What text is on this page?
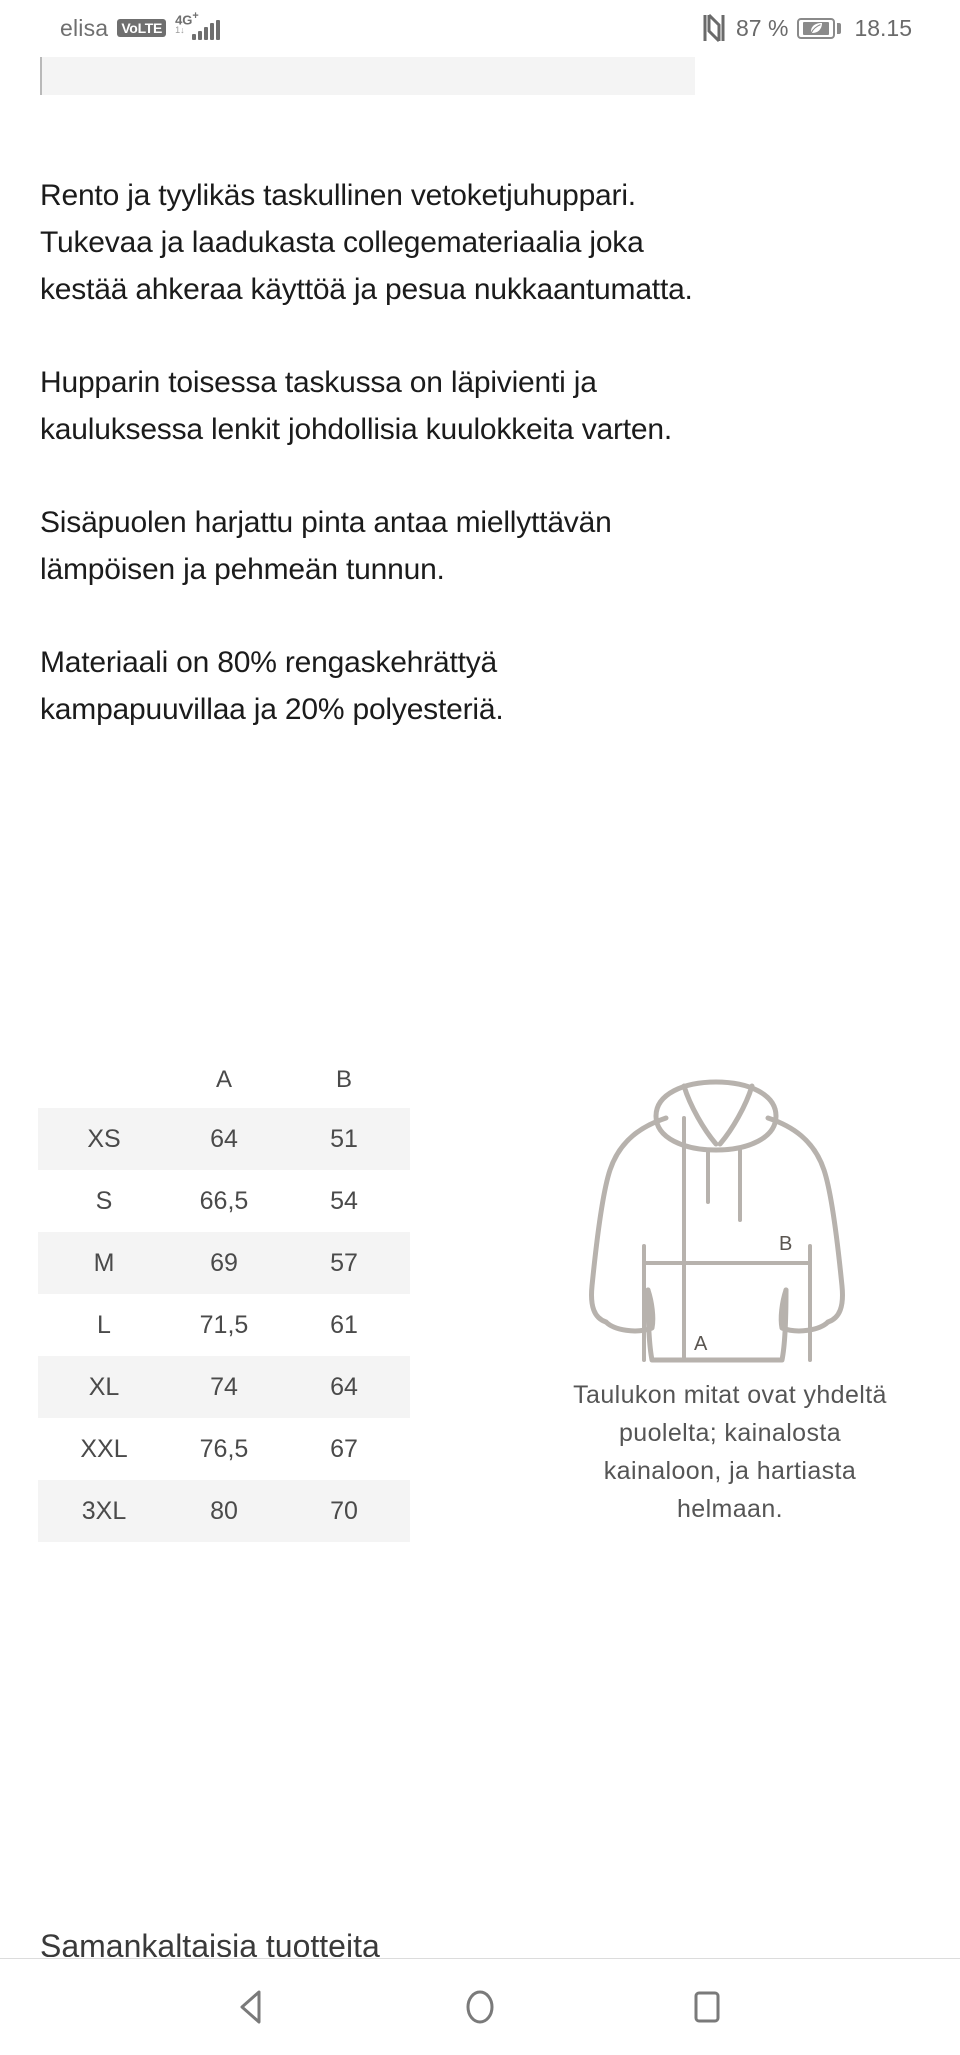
elisa VoLTE
4G+
1↓	87 %	18.15

Rento ja tyylikäs taskullinen vetoketjuhuppari. Tukevaa ja laadukasta collegemateriaalia joka kestää ahkeraa käyttöä ja pesua nukkaantumatta.

Hupparin toisessa taskussa on läpivienti ja kauluksessa lenkit johdollisia kuulokkeita varten.

Sisäpuolen harjattu pinta antaa miellyttävän lämpöisen ja pehmeän tunnun.

Materiaali on 80% rengaskehrättyä kampapuuvillaa ja 20% polyesteriä.

	A	B
XS	64	51
S	66,5	54
M	69	57
L	71,5	61
XL	74	64
XXL	76,5	67
3XL	80	70
B
A
Taulukon mitat ovat yhdeltä puolelta; kainalosta kainaloon, ja hartiasta helmaan.
Samankaltaisia tuotteita
